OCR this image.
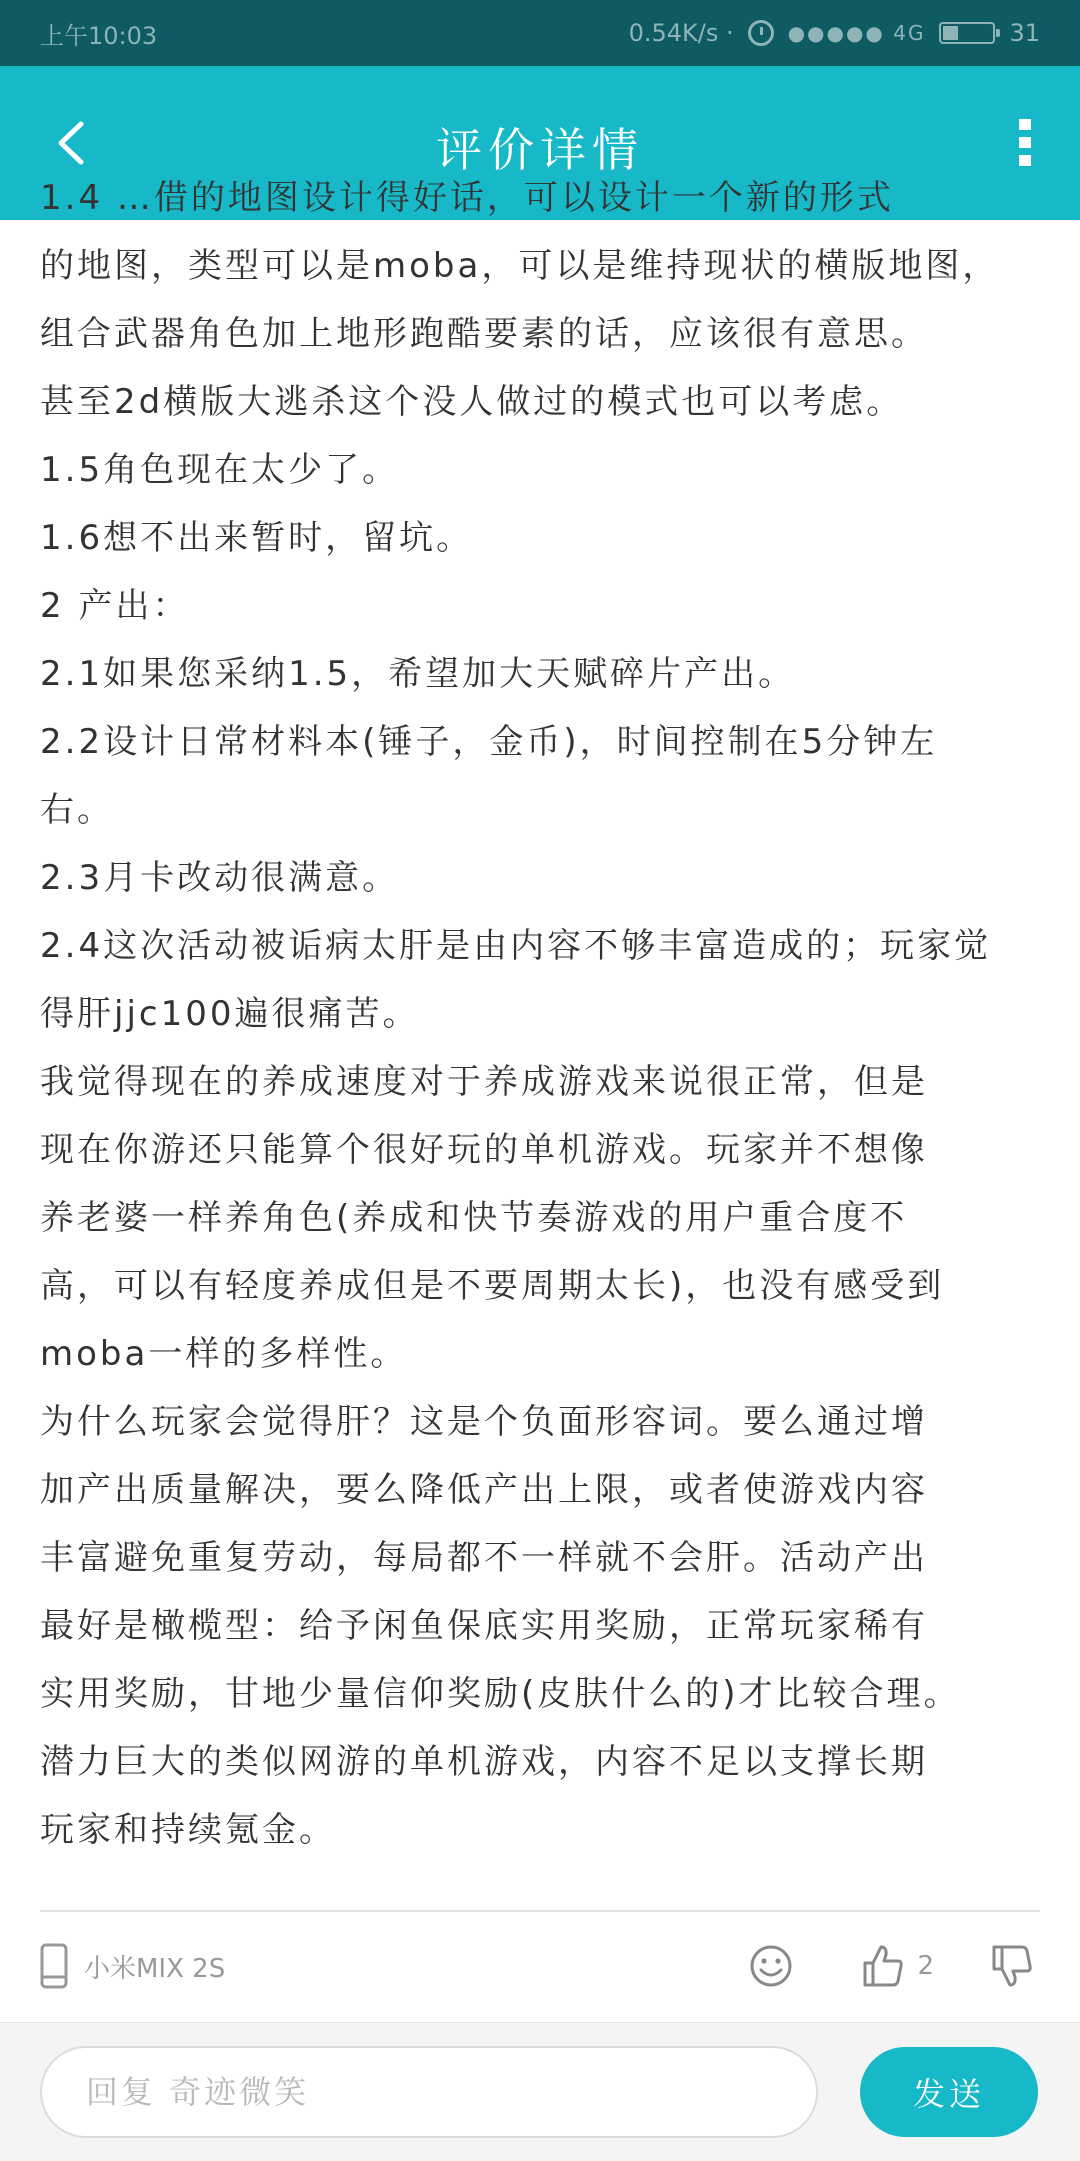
上午10:03	0.54K/s ·	●●●●● 4G	31
评价详情
1.4 …借的地图设计得好话，可以设计一个新的形式
的地图，类型可以是moba，可以是维持现状的横版地图，
组合武器角色加上地形跑酷要素的话，应该很有意思。
甚至2d横版大逃杀这个没人做过的模式也可以考虑。
1.5角色现在太少了。
1.6想不出来暂时，留坑。
2 产出：
2.1如果您采纳1.5，希望加大天赋碎片产出。
2.2设计日常材料本(锤子，金币)，时间控制在5分钟左
右。
2.3月卡改动很满意。
2.4这次活动被诟病太肝是由内容不够丰富造成的；玩家觉
得肝jjc100遍很痛苦。
我觉得现在的养成速度对于养成游戏来说很正常，但是
现在你游还只能算个很好玩的单机游戏。玩家并不想像
养老婆一样养角色(养成和快节奏游戏的用户重合度不
高，可以有轻度养成但是不要周期太长)，也没有感受到
moba一样的多样性。
为什么玩家会觉得肝？这是个负面形容词。要么通过增
加产出质量解决，要么降低产出上限，或者使游戏内容
丰富避免重复劳动，每局都不一样就不会肝。活动产出
最好是橄榄型：给予闲鱼保底实用奖励，正常玩家稀有
实用奖励，甘地少量信仰奖励(皮肤什么的)才比较合理。
潜力巨大的类似网游的单机游戏，内容不足以支撑长期
玩家和持续氪金。
小米MIX 2S	2
回复 奇迹微笑
发送
